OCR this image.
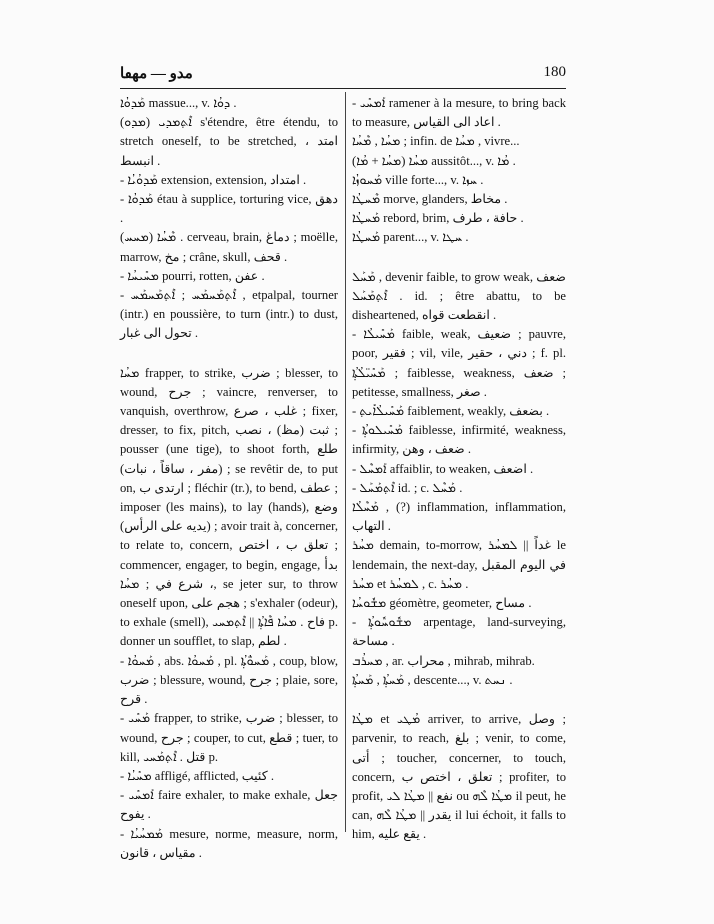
مدو — مهڡا	180
ܡܰܕܘܳܐ massue..., v. ܕܘܳܐ .
(ܡܕܘ) ܐܶܬ̣ܡܕܝ s'étendre, être étendu, to stretch oneself, to be stretched, امتد ، انبسط .
- ܡܰܕܘܳܝܳܐ extension, extension, امتداد .
- ܡܰܕܘܳܐ étau à supplice, torturing vice, دهق .
(ܡܚܚ) ܡܶܚܳܐ . cerveau, brain, دماغ ; moëlle, marrow, مخ ; crâne, skull, قحف .
- ܡܚܺܝܚܳܐ pourri, rotten, عفن .
- ܐܶܬ̣ܡܰܚܡܰܚ ; ܐܶܬ̣ܡܰܚܡܰܚ , etpalpal, tourner (intr.) en poussière, to turn (intr.) to dust, تحول الى غبار .
ܡܚܳܐ frapper, to strike, ضرب ; blesser, to wound, جرح ; vaincre, renverser, to vanquish, overthrow, غلب ، صرع ; fixer, dresser, to fix, pitch, ثبت (مظ) ، نصب ; pousser (une tige), to shoot forth, طلع (مفر ، ساقاً ، نبات) ; se revêtir de, to put on, ارتدى ب ; fléchir (tr.), to bend, عطف ; imposer (les mains), to lay (hands), وضع (يديه على الرأس) ; avoir trait à, concerner, to relate to, concern, تعلق ب ، اختص ; commencer, engager, to begin, engage, بدأ ، شرع في ; ܡܚܳܐ, se jeter sur, to throw oneself upon, هجم على ; s'exhaler (odeur), to exhale (smell), فاح . ܡܚܳܐ ܦܶܐܬ̣ܳܐ || ܐܶܬ̣ܡܚܝ p. donner un soufflet, to slap, لطم .
- ܡܰܚܘܳܐ , abs. ܡܰܚܘܳܐ , pl. ܡܰܚܘ̈ܳܬ̣ܳܐ , coup, blow, ضرب ; blessure, wound, جرح ; plaie, sore, قرح .
- ܡܰܚܺܝ frapper, to strike, ضرب ; blesser, to wound, جرح ; couper, to cut, قطع ; tuer, to kill, قتل . ܐܶܬ̣ܡܰܚܝ p.
- ܡܚܺܝܳܐ affligé, afflicted, كئيب .
- ܐܰܡܚܺܝ faire exhaler, to make exhale, جعل يفوح .
- ܡܰܡܚܳܝܳܐ mesure, norme, measure, norm, مقياس ، قانون .
- ܐܰܡܚܺܝ ramener à la mesure, to bring back to measure, اعاد الى القياس .
ܡܚܳܐ , ܡܶܚܳܐ ; infin. de ܡܚܳܐ , vivre...
ܡܚܳܐ (ܡܚܳܐ + ܡܳܐ) aussitôt..., v. ܡܳܐ .
ܡܰܚܘܙܳܐ ville forte..., v. ܚܙܐ .
ܡܶܚܛܳܐ morve, glanders, مخاط .
ܡܰܚܛܳܐ rebord, brim, حافة ، طرف .
ܡܰܚܛܳܐ parent..., v. ܚܛܐ .
ܡܰܚܰܠ , devenir faible, to grow weak, ضعف . ܐܶܬ̣ܡܰܚܰܠ id. ; être abattu, to be disheartened, انقطعت قواه .
- ܡܰܚܺܝܠܳܐ faible, weak, ضعيف ; pauvre, poor, فقير ; vil, vile, دني ، حقير ; f. pl. ܡܰܚܺܝ̈ܠܳܬ̣ܳܐ ; faiblesse, weakness, ضعف ; petitesse, smallness, صغر .
- ܡܰܚܺܝܠܳܐܺܝܬ̣ faiblement, weakly, بضعف .
- ܡܰܚܺܝܠܘܬ̣ܳܐ faiblesse, infirmité, weakness, infirmity, ضعف ، وهن .
- ܐܰܡܚܶܠ affaiblir, to weaken, اضعف .
- ܐܶܬ̣ܡܰܚܰܠ id. ; c. ܡܰܚܶܠ .
ܡܰܚܶܠܳܐ , (?) inflammation, inflammation, التهاب .
ܡܚܳܪ demain, to-morrow, غداً || ܠܡܚܳܪ le lendemain, the next-day, في اليوم المقبل ܡܚܳܪ et ܠܡܚܳܪ , c. ܡܚܳܪ .
ܡܫܽܘܚܳܐ géomètre, geometer, مساح .
- ܡܫܽܘܚܽܘܬ̣ܳܐ arpentage, land-surveying, مساحة .
ܡܚܪܳܒ , ar. محراب , mihrab, mihrab.
ܡܰܚܬ̣ܳܐ , ܡܰܚܬ̣ܳܐ , descente..., v. ܢܚܬ .
ܡܛܳܐ et ܡܳܛܝ arriver, to arrive, وصل ; parvenir, to reach, بلغ ; venir, to come, أتى ; toucher, concerner, to touch, concern, تعلق ، اختص ب ; profiter, to profit, نفع || ܡܛܳܐ ܠܝ ou ܡܛܳܐ ܠܶܗ il peut, he can, يقدر || ܡܛܳܐ ܠܶܗ il lui échoit, it falls to him, يقع عليه .
